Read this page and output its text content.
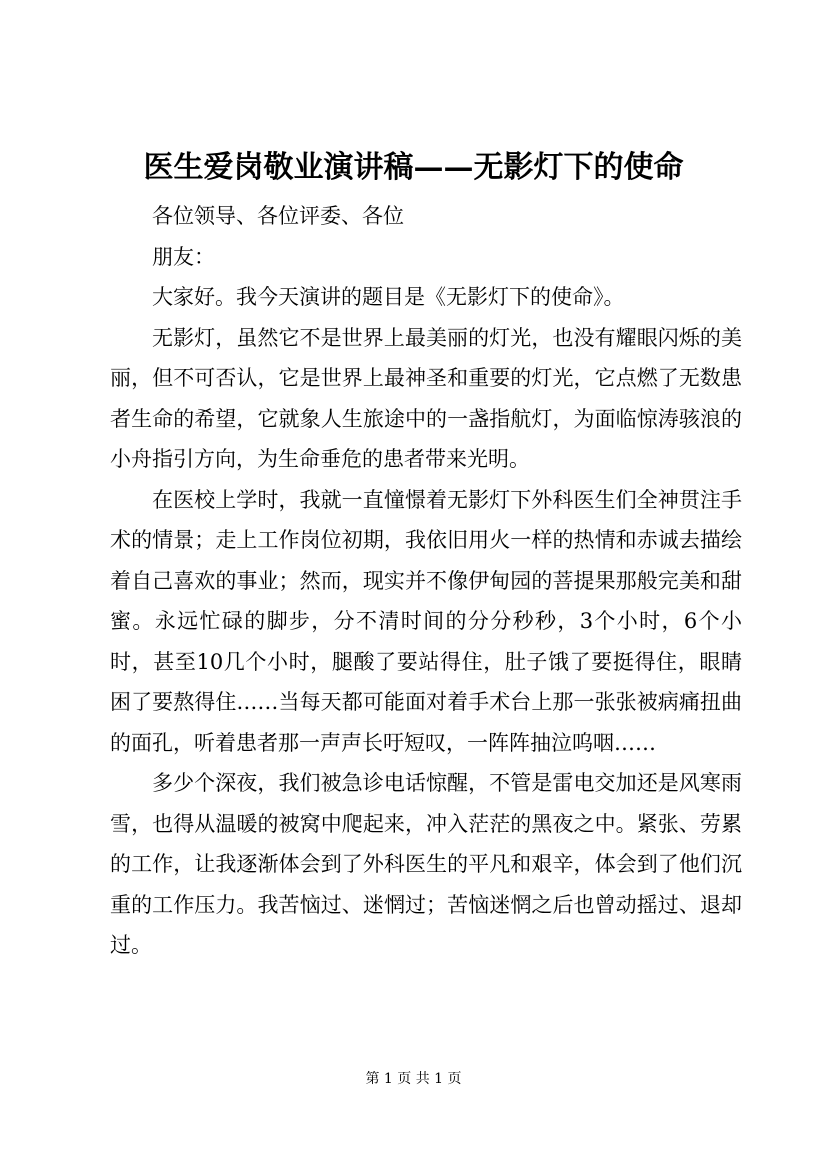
医生爱岗敬业演讲稿——无影灯下的使命

各位领导、各位评委、各位

朋友：

大家好。我今天演讲的题目是《无影灯下的使命》。

无影灯，虽然它不是世界上最美丽的灯光，也没有耀眼闪烁的美丽，但不可否认，它是世界上最神圣和重要的灯光，它点燃了无数患者生命的希望，它就象人生旅途中的一盏指航灯，为面临惊涛骇浪的小舟指引方向，为生命垂危的患者带来光明。

在医校上学时，我就一直憧憬着无影灯下外科医生们全神贯注手术的情景；走上工作岗位初期，我依旧用火一样的热情和赤诚去描绘着自己喜欢的事业；然而，现实并不像伊甸园的菩提果那般完美和甜蜜。永远忙碌的脚步，分不清时间的分分秒秒，3个小时，6个小时，甚至10几个小时，腿酸了要站得住，肚子饿了要挺得住，眼睛困了要熬得住……当每天都可能面对着手术台上那一张张被病痛扭曲的面孔，听着患者那一声声长吁短叹，一阵阵抽泣呜咽……

多少个深夜，我们被急诊电话惊醒，不管是雷电交加还是风寒雨雪，也得从温暖的被窝中爬起来，冲入茫茫的黑夜之中。紧张、劳累的工作，让我逐渐体会到了外科医生的平凡和艰辛，体会到了他们沉重的工作压力。我苦恼过、迷惘过；苦恼迷惘之后也曾动摇过、退却过。

第 1 页 共 1 页
